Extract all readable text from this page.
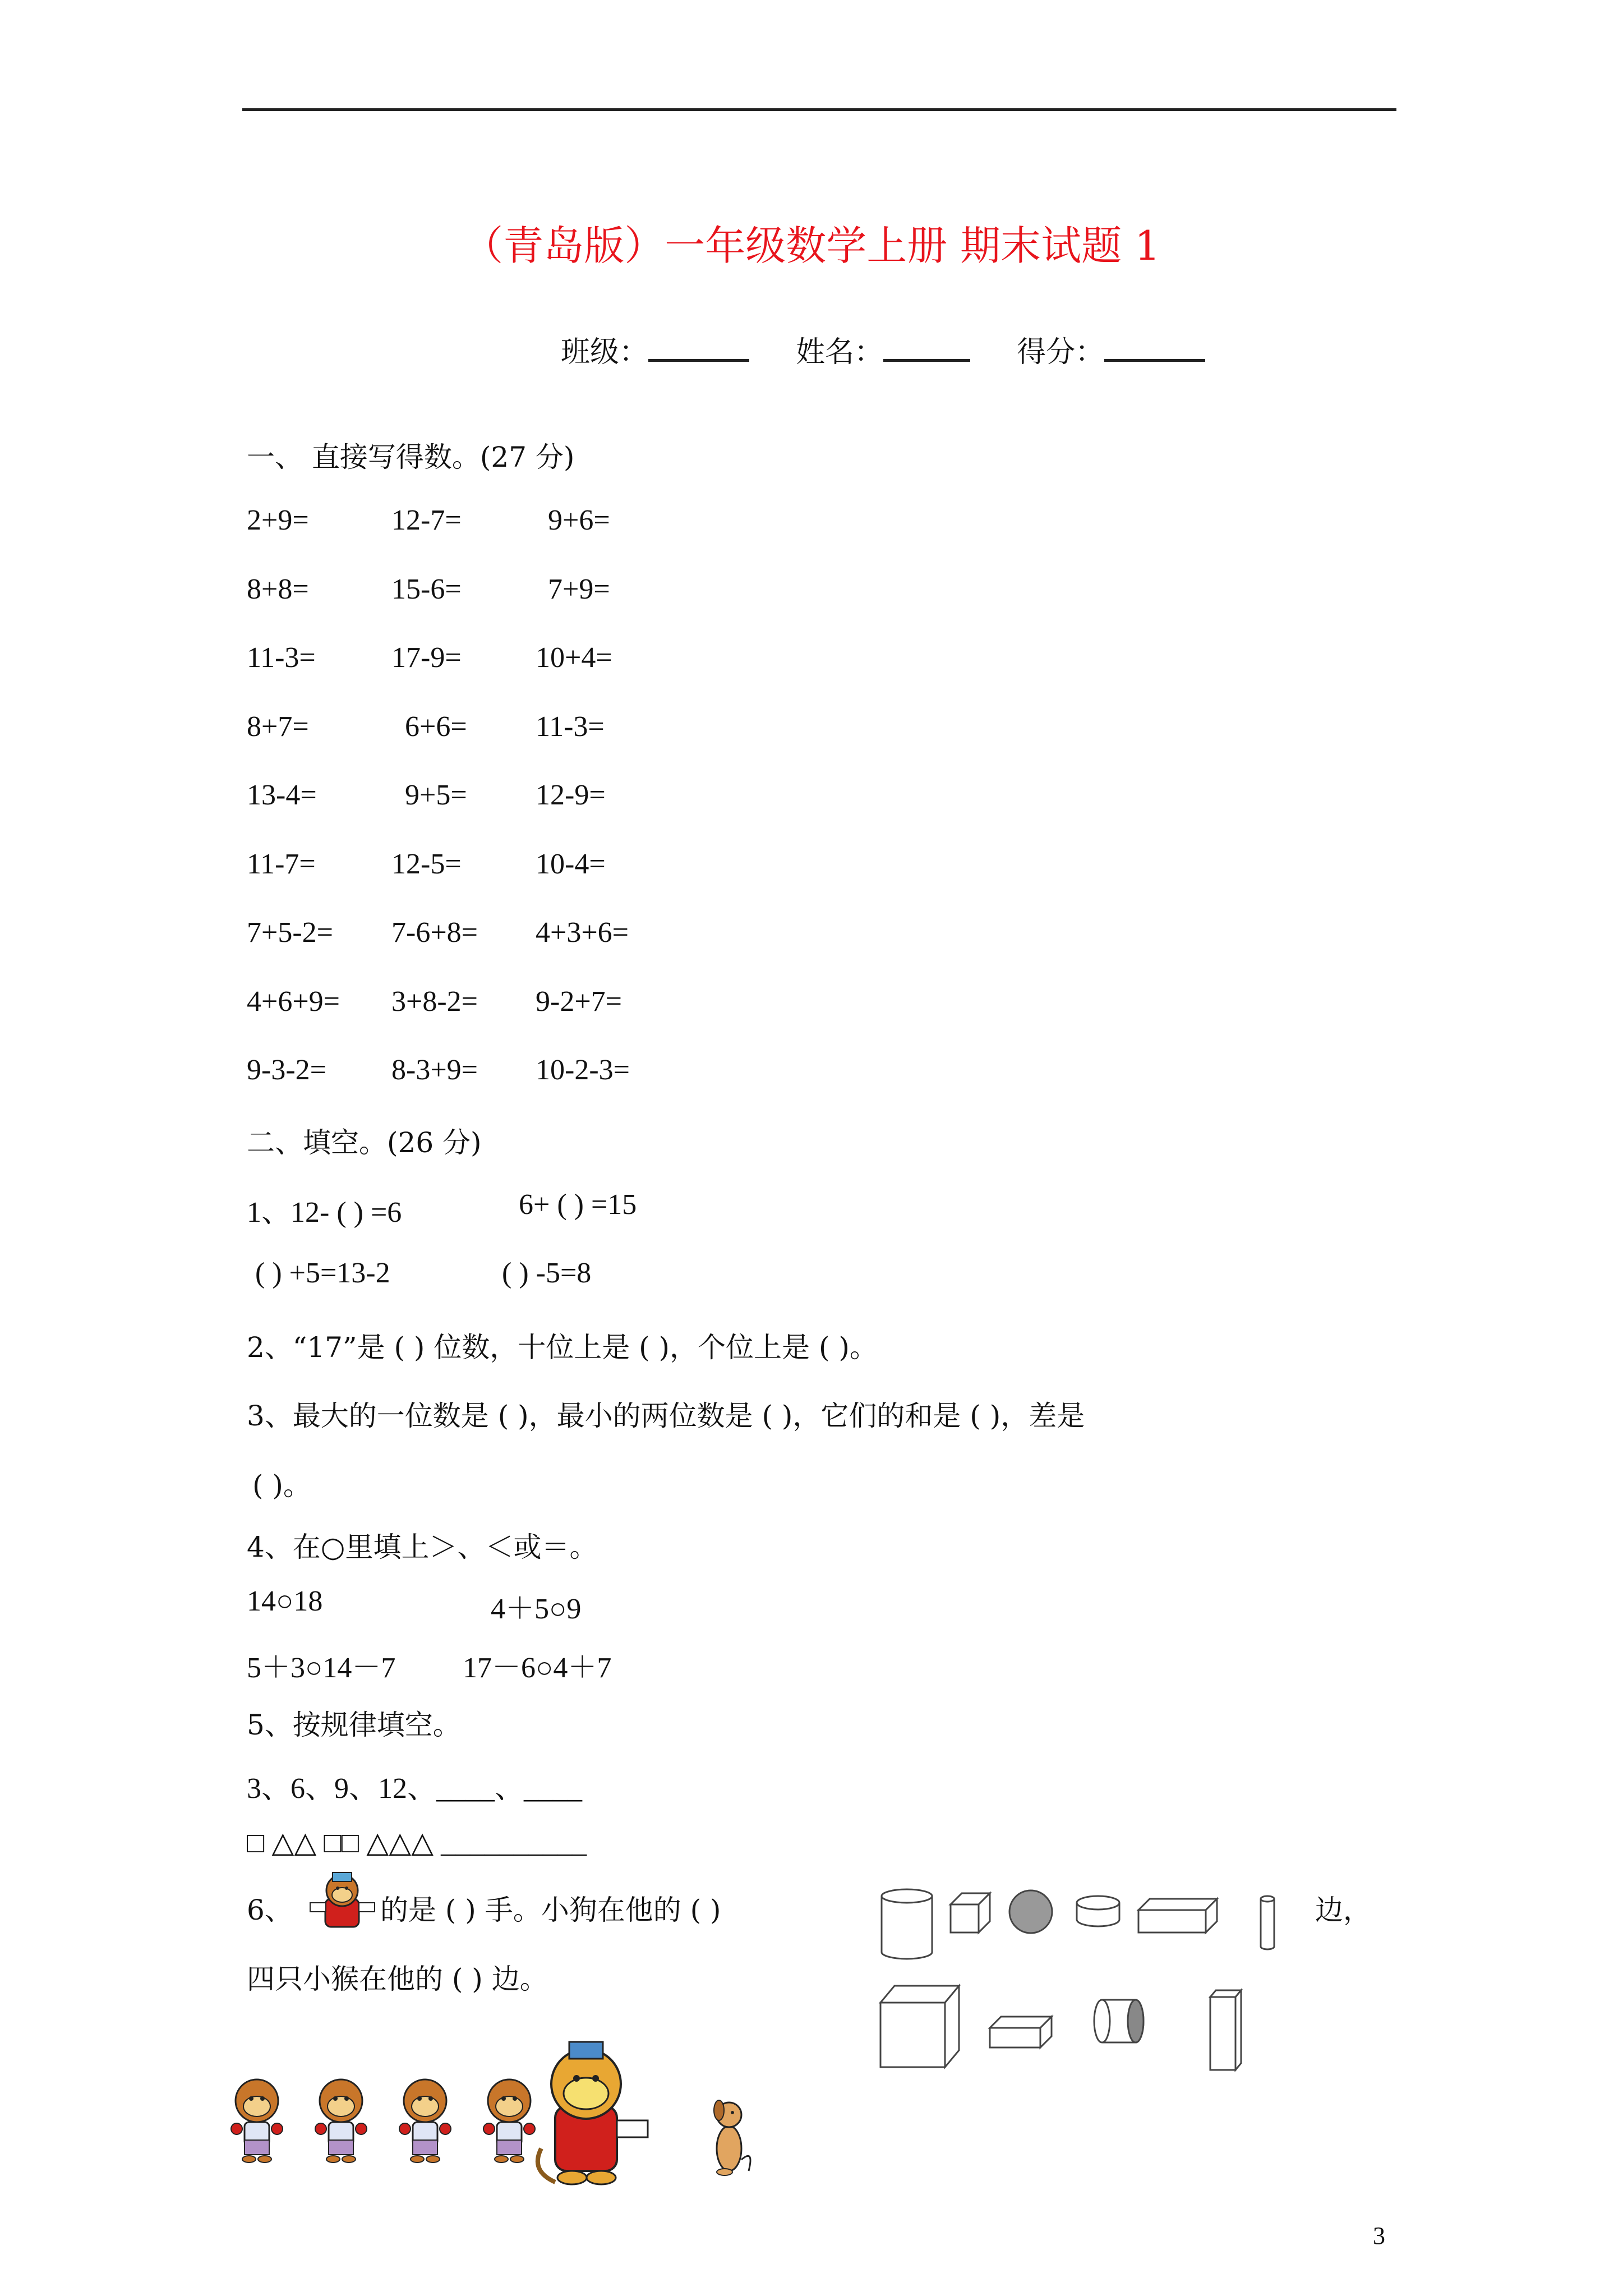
（青岛版）一年级数学上册 期末试题 1
班级：	姓名：	得分：
一、 直接写得数。(27 分)
2+9=	12-7=	9+6=
8+8=	15-6=	7+9=
11-3=	17-9=	10+4=
8+7=	6+6= 11-3=
13-4=	9+5= 12-9=
11-7=	12-5=	10-4=
7+5-2= 7-6+8= 4+3+6=
4+6+9= 3+8-2= 9-2+7=
9-3-2= 8-3+9= 10-2-3=
二、填空。(26 分)
1、12- ( ) =6	6+ ( ) =15
( ) +5=13-2	( ) -5=8
2、“17”是 ( ) 位数，十位上是 ( )，个位上是 ( )。
3、最大的一位数是 ( )，最小的两位数是 ( )，它们的和是 ( )，差是
( )。
4、在○里填上＞、＜或＝。
14○18	4＋5○9
5＋3○14－7 17－6○4＋7
5、按规律填空。
3、6、9、12、____、____
□ △△ □□ △△△ __________
6、	的是 ( ) 手。小狗在他的 ( )	边，
四只小猴在他的 ( ) 边。
3
